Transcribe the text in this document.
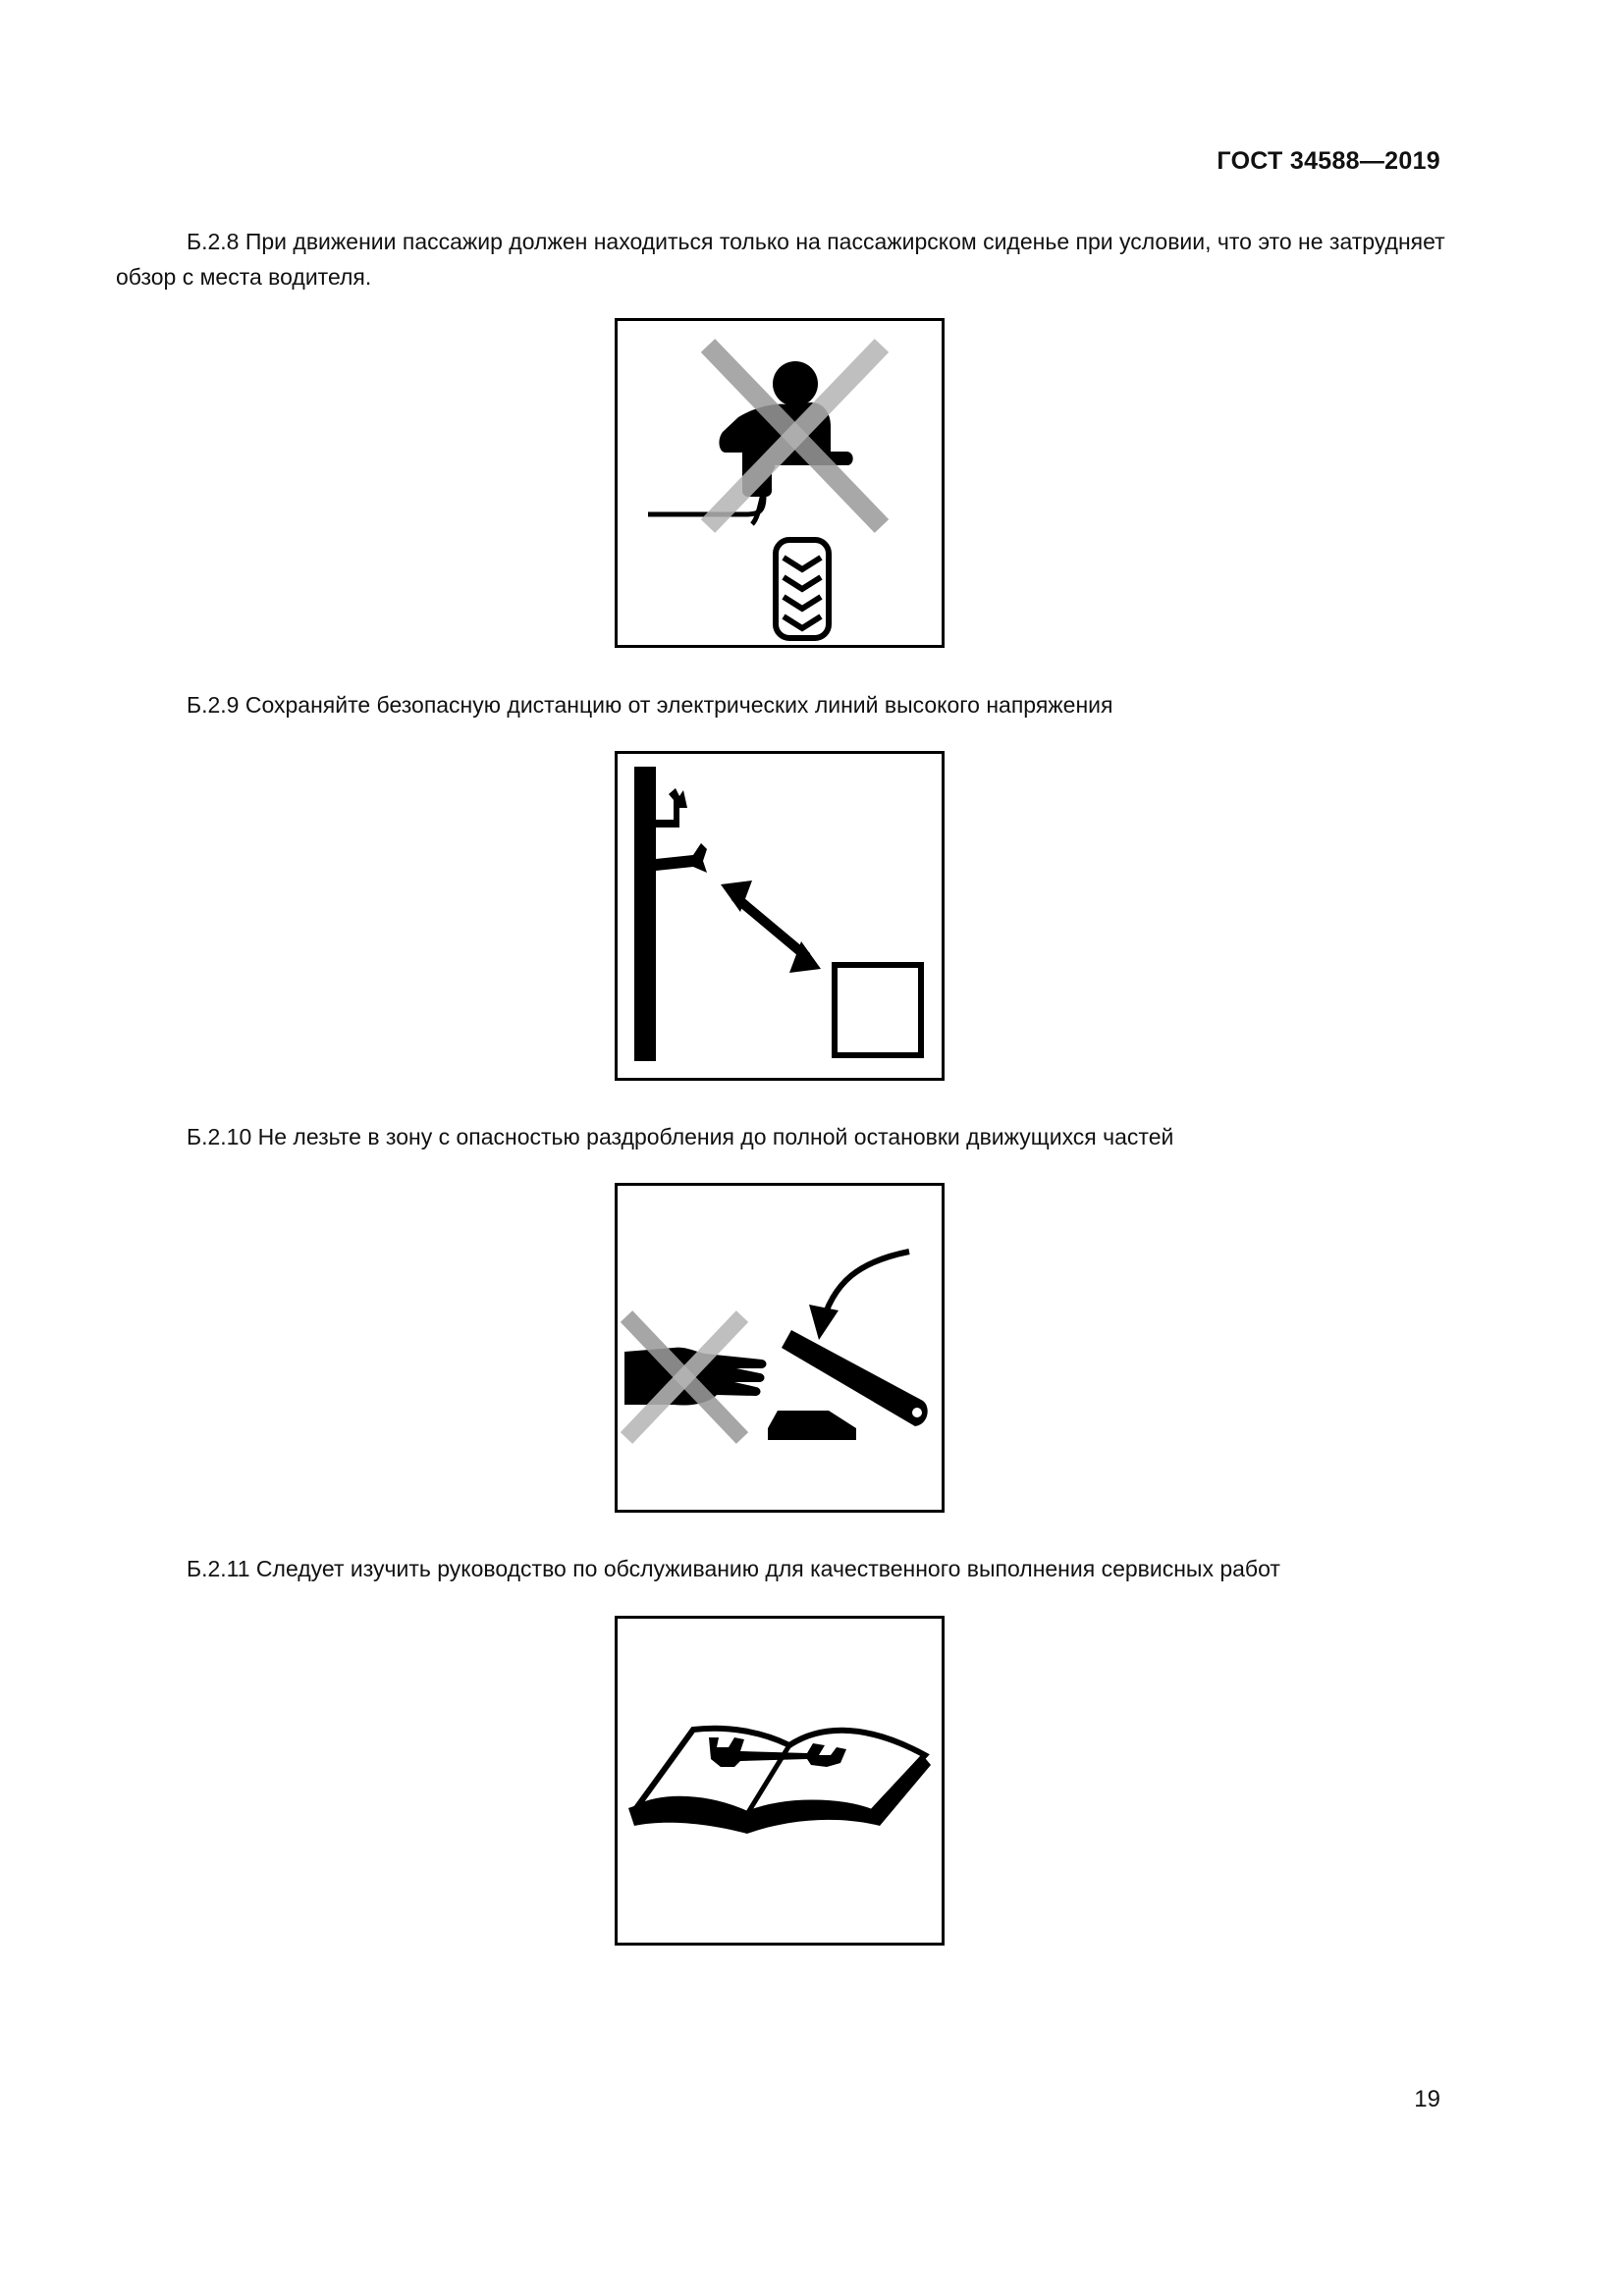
ГОСТ 34588—2019
Б.2.8 При движении пассажир должен находиться только на пассажирском сиденье при условии, что это не затрудняет обзор с места водителя.
Б.2.9 Сохраняйте безопасную дистанцию от электрических линий высокого напряжения
Б.2.10 Не лезьте в зону с опасностью раздробления до полной остановки движущихся частей
Б.2.11 Следует изучить руководство по обслуживанию для качественного выполнения сервисных работ
19
